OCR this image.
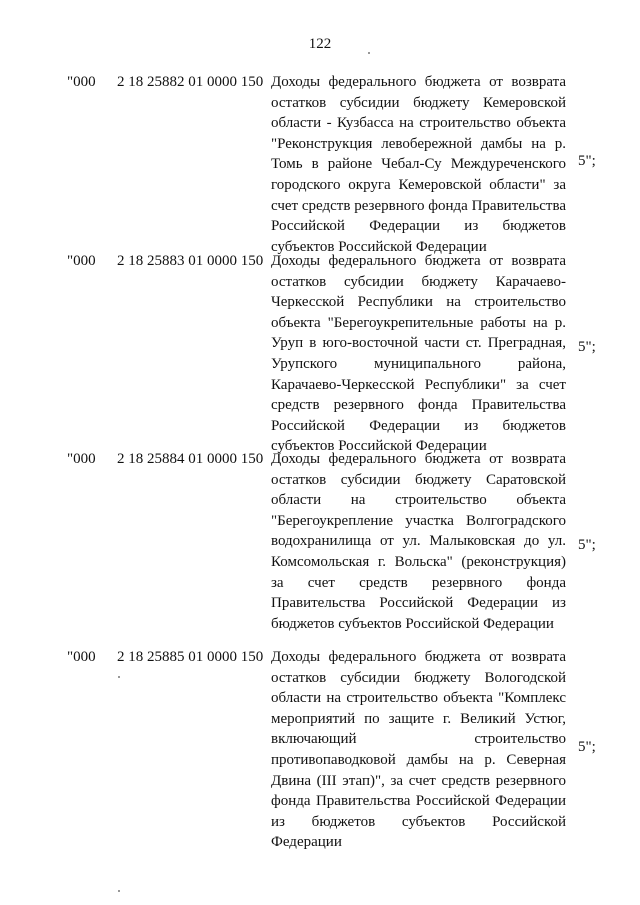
122
"000 2 18 25882 01 0000 150 Доходы федерального бюджета от возврата остатков субсидии бюджету Кемеровской области - Кузбасса на строительство объекта "Реконструкция левобережной дамбы на р. Томь в районе Чебал-Су Междуреченского городского округа Кемеровской области" за счет средств резервного фонда Правительства Российской Федерации из бюджетов субъектов Российской Федерации
5";
"000 2 18 25883 01 0000 150 Доходы федерального бюджета от возврата остатков субсидии бюджету Карачаево-Черкесской Республики на строительство объекта "Берегоукрепительные работы на р. Уруп в юго-восточной части ст. Преградная, Урупского муниципального района, Карачаево-Черкесской Республики" за счет средств резервного фонда Правительства Российской Федерации из бюджетов субъектов Российской Федерации
5";
"000 2 18 25884 01 0000 150 Доходы федерального бюджета от возврата остатков субсидии бюджету Саратовской области на строительство объекта "Берегоукрепление участка Волгоградского водохранилища от ул. Малыковская до ул. Комсомольская г. Вольска" (реконструкция) за счет средств резервного фонда Правительства Российской Федерации из бюджетов субъектов Российской Федерации
5";
"000 2 18 25885 01 0000 150 Доходы федерального бюджета от возврата остатков субсидии бюджету Вологодской области на строительство объекта "Комплекс мероприятий по защите г. Великий Устюг, включающий строительство противопаводковой дамбы на р. Северная Двина (III этап)", за счет средств резервного фонда Правительства Российской Федерации из бюджетов субъектов Российской Федерации
5";
